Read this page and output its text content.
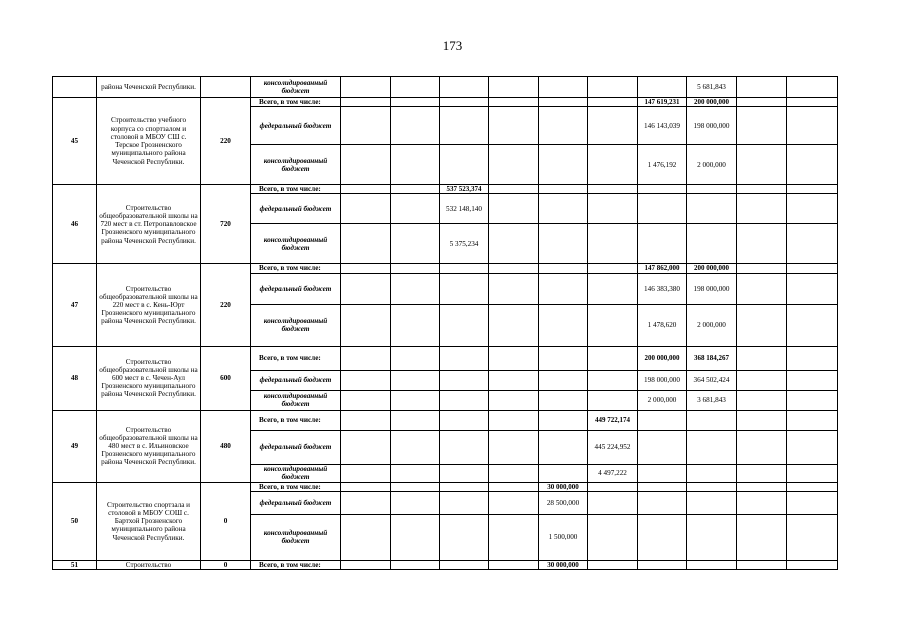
173
	района Чеченской Республики.		консолидированный бюджет								5 681,843		
45	Строительство учебного корпуса со спортзалом и столовой в МБОУ СШ с. Терское Грозненского муниципального района Чеченской Республики.	220	Всего, в том числе:							147 619,231	200 000,000		
			федеральный бюджет							146 143,039	198 000,000		
			консолидированный бюджет							1 476,192	2 000,000		
46	Строительство общеобразовательной школы на 720 мест в ст. Петропавловское Грозненского муниципального района Чеченской Республики.	720	Всего, в том числе:			537 523,374							
			федеральный бюджет			532 148,140							
			консолидированный бюджет			5 375,234							
47	Строительство общеобразовательной школы на 220 мест в с. Кень-Юрт Грозненского муниципального района Чеченской Республики.	220	Всего, в том числе:							147 862,000	200 000,000		
			федеральный бюджет							146 383,380	198 000,000		
			консолидированный бюджет							1 478,620	2 000,000		
48	Строительство общеобразовательной школы на 600 мест в с. Чечен-Аул Грозненского муниципального района Чеченской Республики.	600	Всего, в том числе:							200 000,000	368 184,267		
			федеральный бюджет							198 000,000	364 502,424		
			консолидированный бюджет							2 000,000	3 681,843		
49	Строительство общеобразовательной школы на 480 мест в с. Ильиновское Грозненского муниципального района Чеченской Республики.	480	Всего, в том числе:						449 722,174				
			федеральный бюджет						445 224,952				
			консолидированный бюджет						4 497,222				
50	Строительство спортзала и столовой в МБОУ СОШ с. Бартхой Грозненского муниципального района Чеченской Республики.	0	Всего, в том числе:					30 000,000					
			федеральный бюджет					28 500,000					
			консолидированный бюджет					1 500,000					
51	Строительство	0	Всего, в том числе:					30 000,000					
